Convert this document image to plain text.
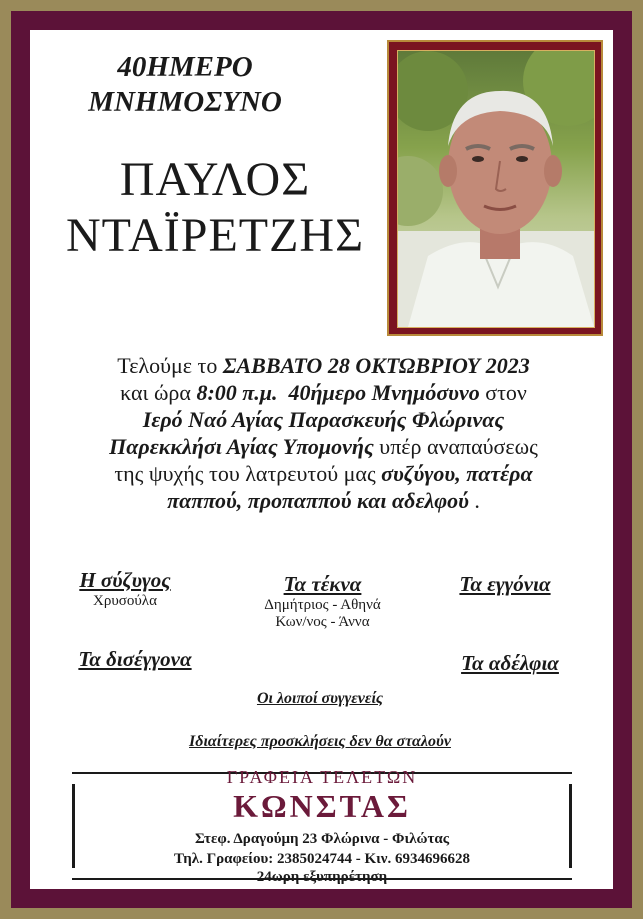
40ΗΜΕΡΟ
ΜΝΗΜΟΣΥΝΟ
ΠΑΥΛΟΣ
ΝΤΑΪΡΕΤΖΗΣ
Τελούμε το ΣΑΒΒΑΤΟ 28 ΟΚΤΩΒΡΙΟΥ 2023
και ώρα 8:00 π.μ. 40ήμερο Μνημόσυνο στον
Ιερό Ναό Αγίας Παρασκευής Φλώρινας
Παρεκκλήσι Αγίας Υπομονής υπέρ αναπαύσεως
της ψυχής του λατρευτού μας συζύγου, πατέρα
παππού, προπαππού και αδελφού .
Η σύζυγος
Χρυσούλα
Τα τέκνα
Δημήτριος - Αθηνά
Κων/νος - Άννα
Τα εγγόνια
Τα δισέγγονα	Τα αδέλφια
Οι λοιποί συγγενείς
Ιδιαίτερες προσκλήσεις δεν θα σταλούν
ΓΡΑΦΕΙΑ ΤΕΛΕΤΩΝ
ΚΩΝΣΤΑΣ
Στεφ. Δραγούμη 23 Φλώρινα - Φιλώτας
Τηλ. Γραφείου: 2385024744 - Κιν. 6934696628
24ωρη εξυπηρέτηση
